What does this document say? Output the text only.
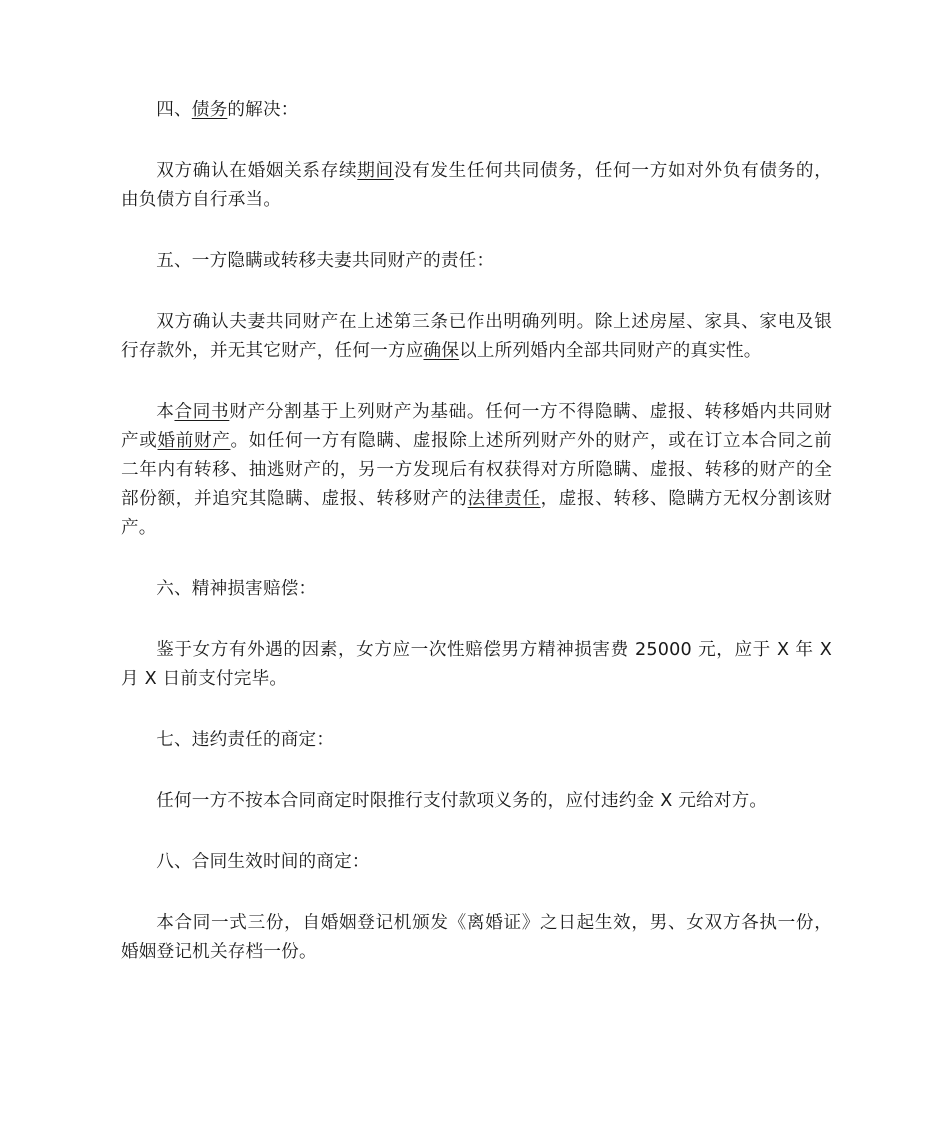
四、债务的解决：

双方确认在婚姻关系存续期间没有发生任何共同债务，任何一方如对外负有债务的，由负债方自行承当。

五、一方隐瞒或转移夫妻共同财产的责任：

双方确认夫妻共同财产在上述第三条已作出明确列明。除上述房屋、家具、家电及银行存款外，并无其它财产，任何一方应确保以上所列婚内全部共同财产的真实性。

本合同书财产分割基于上列财产为基础。任何一方不得隐瞒、虚报、转移婚内共同财产或婚前财产。如任何一方有隐瞒、虚报除上述所列财产外的财产，或在订立本合同之前二年内有转移、抽逃财产的，另一方发现后有权获得对方所隐瞒、虚报、转移的财产的全部份额，并追究其隐瞒、虚报、转移财产的法律责任，虚报、转移、隐瞒方无权分割该财产。

六、精神损害赔偿：

鉴于女方有外遇的因素，女方应一次性赔偿男方精神损害费 25000 元，应于 X 年 X 月 X 日前支付完毕。

七、违约责任的商定：

任何一方不按本合同商定时限推行支付款项义务的，应付违约金 X 元给对方。

八、合同生效时间的商定：

本合同一式三份，自婚姻登记机颁发《离婚证》之日起生效，男、女双方各执一份，婚姻登记机关存档一份。
